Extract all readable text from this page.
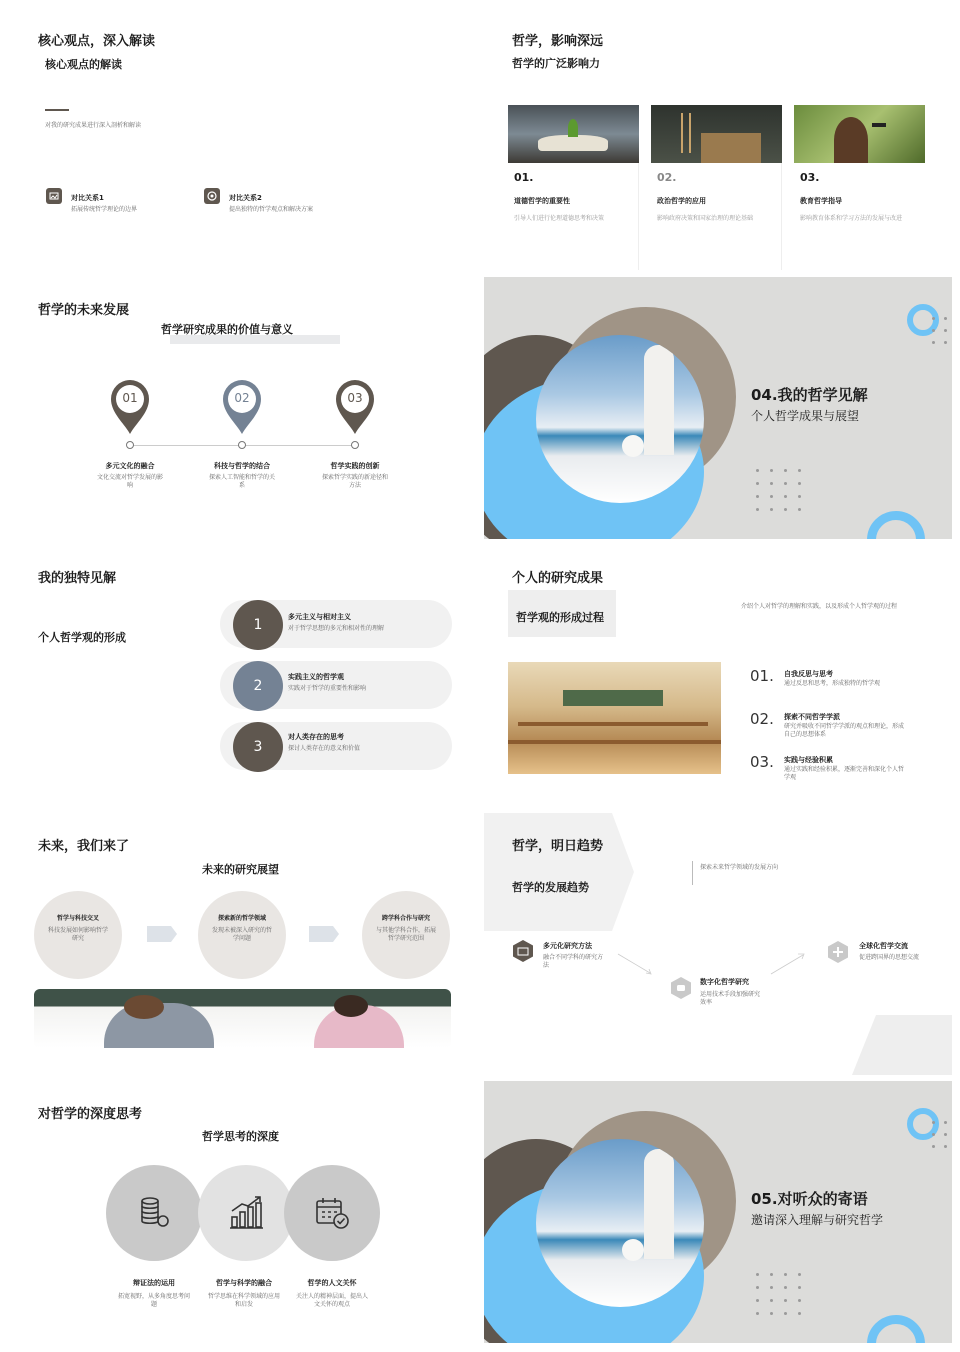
核心观点，深入解读
核心观点的解读
对我的研究成果进行深入剖析和解读
对比关系1
拓展传统哲学理论的边界
对比关系2
提出独特的哲学观点和解决方案
哲学，影响深远
哲学的广泛影响力
01.
道德哲学的重要性
引导人们进行伦理道德思考和决策
02.
政治哲学的应用
影响政府决策和国家治理的理论基础
03.
教育哲学指导
影响教育体系和学习方法的发展与改进
哲学的未来发展
哲学研究成果的价值与意义
01
多元文化的融合
文化交流对哲学发展的影响
02
科技与哲学的结合
探索人工智能和哲学的关系
03
哲学实践的创新
探索哲学实践的新途径和方法
04.我的哲学见解
个人哲学成果与展望
我的独特见解
个人哲学观的形成
1	多元主义与相对主义
对于哲学思想的多元和相对性的理解
2
实践主义的哲学观
实践对于哲学的重要性和影响
3
对人类存在的思考
探讨人类存在的意义和价值
个人的研究成果
哲学观的形成过程
介绍个人对哲学的理解和实践，以及形成个人哲学观的过程
01. 自我反思与思考
通过反思和思考，形成独特的哲学观
02. 探索不同哲学学派
研究并吸收不同哲学学派的观点和理论，形成自己的思想体系
03. 实践与经验积累
通过实践和经验积累，逐渐完善和深化个人哲学观
未来，我们来了
未来的研究展望
哲学与科技交叉
科技发展如何影响哲学研究
探索新的哲学领域
发现未被深入研究的哲学问题
跨学科合作与研究
与其他学科合作，拓展哲学研究范围
哲学，明日趋势
哲学的发展趋势
探索未来哲学领域的发展方向
多元化研究方法
融合不同学科的研究方法
数字化哲学研究
运用技术手段加强研究效率
全球化哲学交流
促进跨国界的思想交流
对哲学的深度思考
哲学思考的深度
辩证法的运用
拓宽视野，从多角度思考问题
哲学与科学的融合
哲学思维在科学领域的应用和启发
哲学的人文关怀
关注人的精神层面，提出人文关怀的观点
05.对听众的寄语
邀请深入理解与研究哲学
